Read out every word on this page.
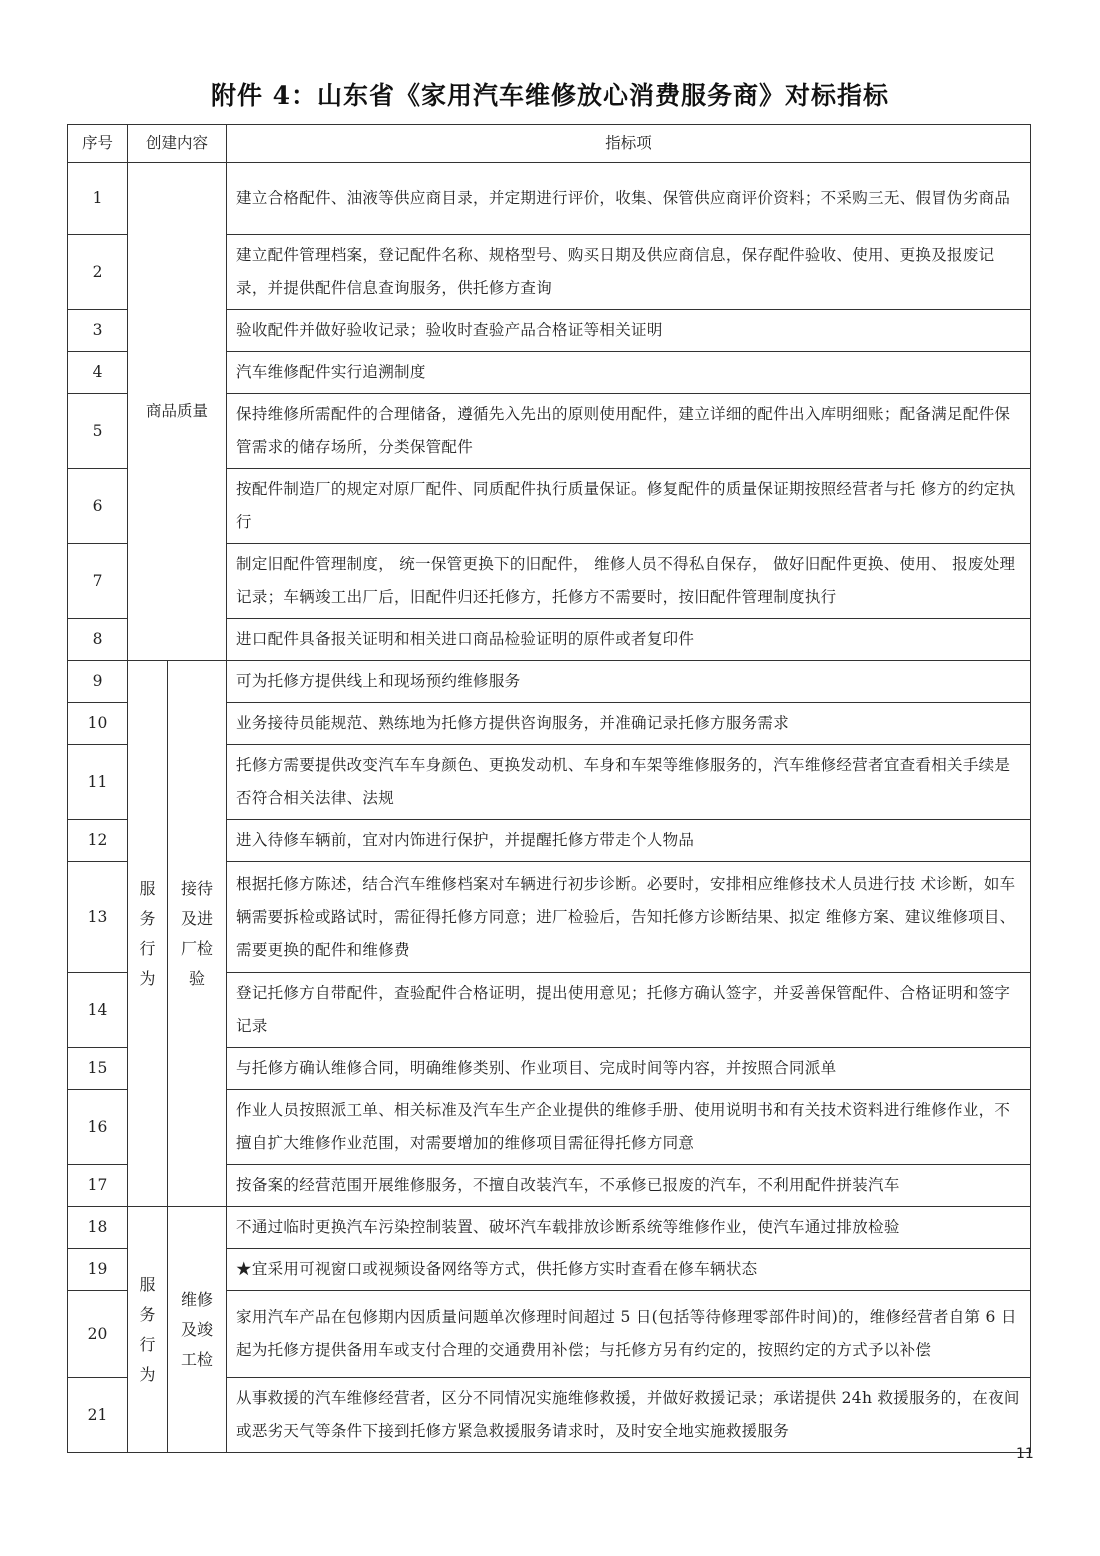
附件 4：山东省《家用汽车维修放心消费服务商》对标指标
序号	创建内容		指标项
1	商品质量		建立合格配件、油液等供应商目录，并定期进行评价，收集、保管供应商评价资料；不采购三无、假冒伪劣商品
2			建立配件管理档案，登记配件名称、规格型号、购买日期及供应商信息，保存配件验收、使用、更换及报废记录，并提供配件信息查询服务，供托修方查询
3			验收配件并做好验收记录；验收时查验产品合格证等相关证明
4			汽车维修配件实行追溯制度
5			保持维修所需配件的合理储备，遵循先入先出的原则使用配件，建立详细的配件出入库明细账；配备满足配件保管需求的储存场所，分类保管配件
6			按配件制造厂的规定对原厂配件、同质配件执行质量保证。修复配件的质量保证期按照经营者与托 修方的约定执行
7			制定旧配件管理制度， 统一保管更换下的旧配件， 维修人员不得私自保存， 做好旧配件更换、使用、 报废处理记录；车辆竣工出厂后，旧配件归还托修方，托修方不需要时，按旧配件管理制度执行
8			进口配件具备报关证明和相关进口商品检验证明的原件或者复印件
9	服务行为	接待及进厂检验	可为托修方提供线上和现场预约维修服务
10			业务接待员能规范、熟练地为托修方提供咨询服务，并准确记录托修方服务需求
11			托修方需要提供改变汽车车身颜色、更换发动机、车身和车架等维修服务的，汽车维修经营者宜查看相关手续是否符合相关法律、法规
12			进入待修车辆前，宜对内饰进行保护，并提醒托修方带走个人物品
13			根据托修方陈述，结合汽车维修档案对车辆进行初步诊断。必要时，安排相应维修技术人员进行技 术诊断，如车辆需要拆检或路试时，需征得托修方同意；进厂检验后，告知托修方诊断结果、拟定 维修方案、建议维修项目、需要更换的配件和维修费
14			登记托修方自带配件，查验配件合格证明，提出使用意见；托修方确认签字，并妥善保管配件、合格证明和签字记录
15			与托修方确认维修合同，明确维修类别、作业项目、完成时间等内容，并按照合同派单
16			作业人员按照派工单、相关标准及汽车生产企业提供的维修手册、使用说明书和有关技术资料进行维修作业，不擅自扩大维修作业范围，对需要增加的维修项目需征得托修方同意
17			按备案的经营范围开展维修服务，不擅自改装汽车，不承修已报废的汽车，不利用配件拼装汽车
18	服务行为	维修及竣工检	不通过临时更换汽车污染控制装置、破坏汽车载排放诊断系统等维修作业，使汽车通过排放检验
19			★宜采用可视窗口或视频设备网络等方式，供托修方实时查看在修车辆状态
20			家用汽车产品在包修期内因质量问题单次修理时间超过 5 日(包括等待修理零部件时间)的，维修经营者自第 6 日起为托修方提供备用车或支付合理的交通费用补偿；与托修方另有约定的，按照约定的方式予以补偿
21			从事救援的汽车维修经营者，区分不同情况实施维修救援，并做好救援记录；承诺提供 24h 救援服务的，在夜间或恶劣天气等条件下接到托修方紧急救援服务请求时，及时安全地实施救援服务
11
